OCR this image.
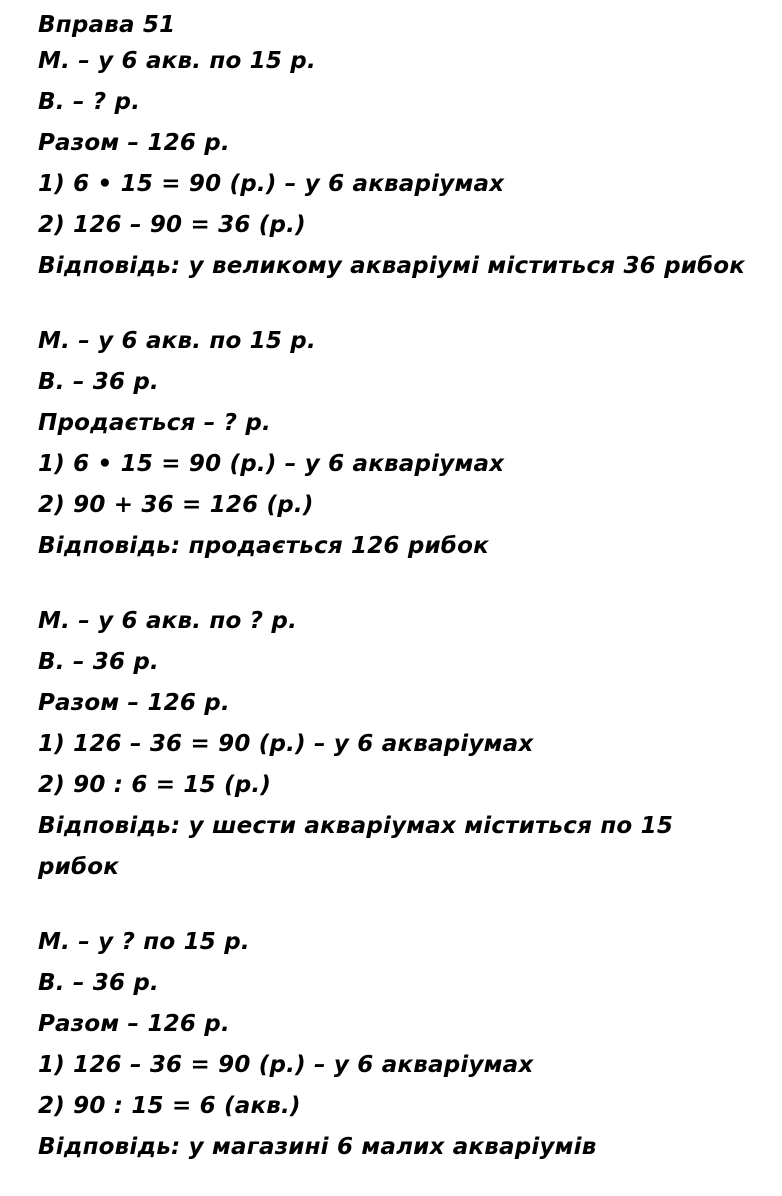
Вправа 51
М. – у 6 акв. по 15 р.
В. – ? р.
Разом – 126 р.
1) 6 • 15 = 90 (р.) – у 6 акваріумах
2) 126 – 90 = 36 (р.)
Відповідь: у великому акваріумі міститься 36 рибок
М. – у 6 акв. по 15 р.
В. – 36 р.
Продається – ? р.
1) 6 • 15 = 90 (р.) – у 6 акваріумах
2) 90 + 36 = 126 (р.)
Відповідь: продається 126 рибок
М. – у 6 акв. по ? р.
В. – 36 р.
Разом – 126 р.
1) 126 – 36 = 90 (р.) – у 6 акваріумах
2) 90 : 6 = 15 (р.)
Відповідь: у шести акваріумах міститься по 15 рибок
М. – у ? по 15 р.
В. – 36 р.
Разом – 126 р.
1) 126 – 36 = 90 (р.) – у 6 акваріумах
2) 90 : 15 = 6 (акв.)
Відповідь: у магазині 6 малих акваріумів
